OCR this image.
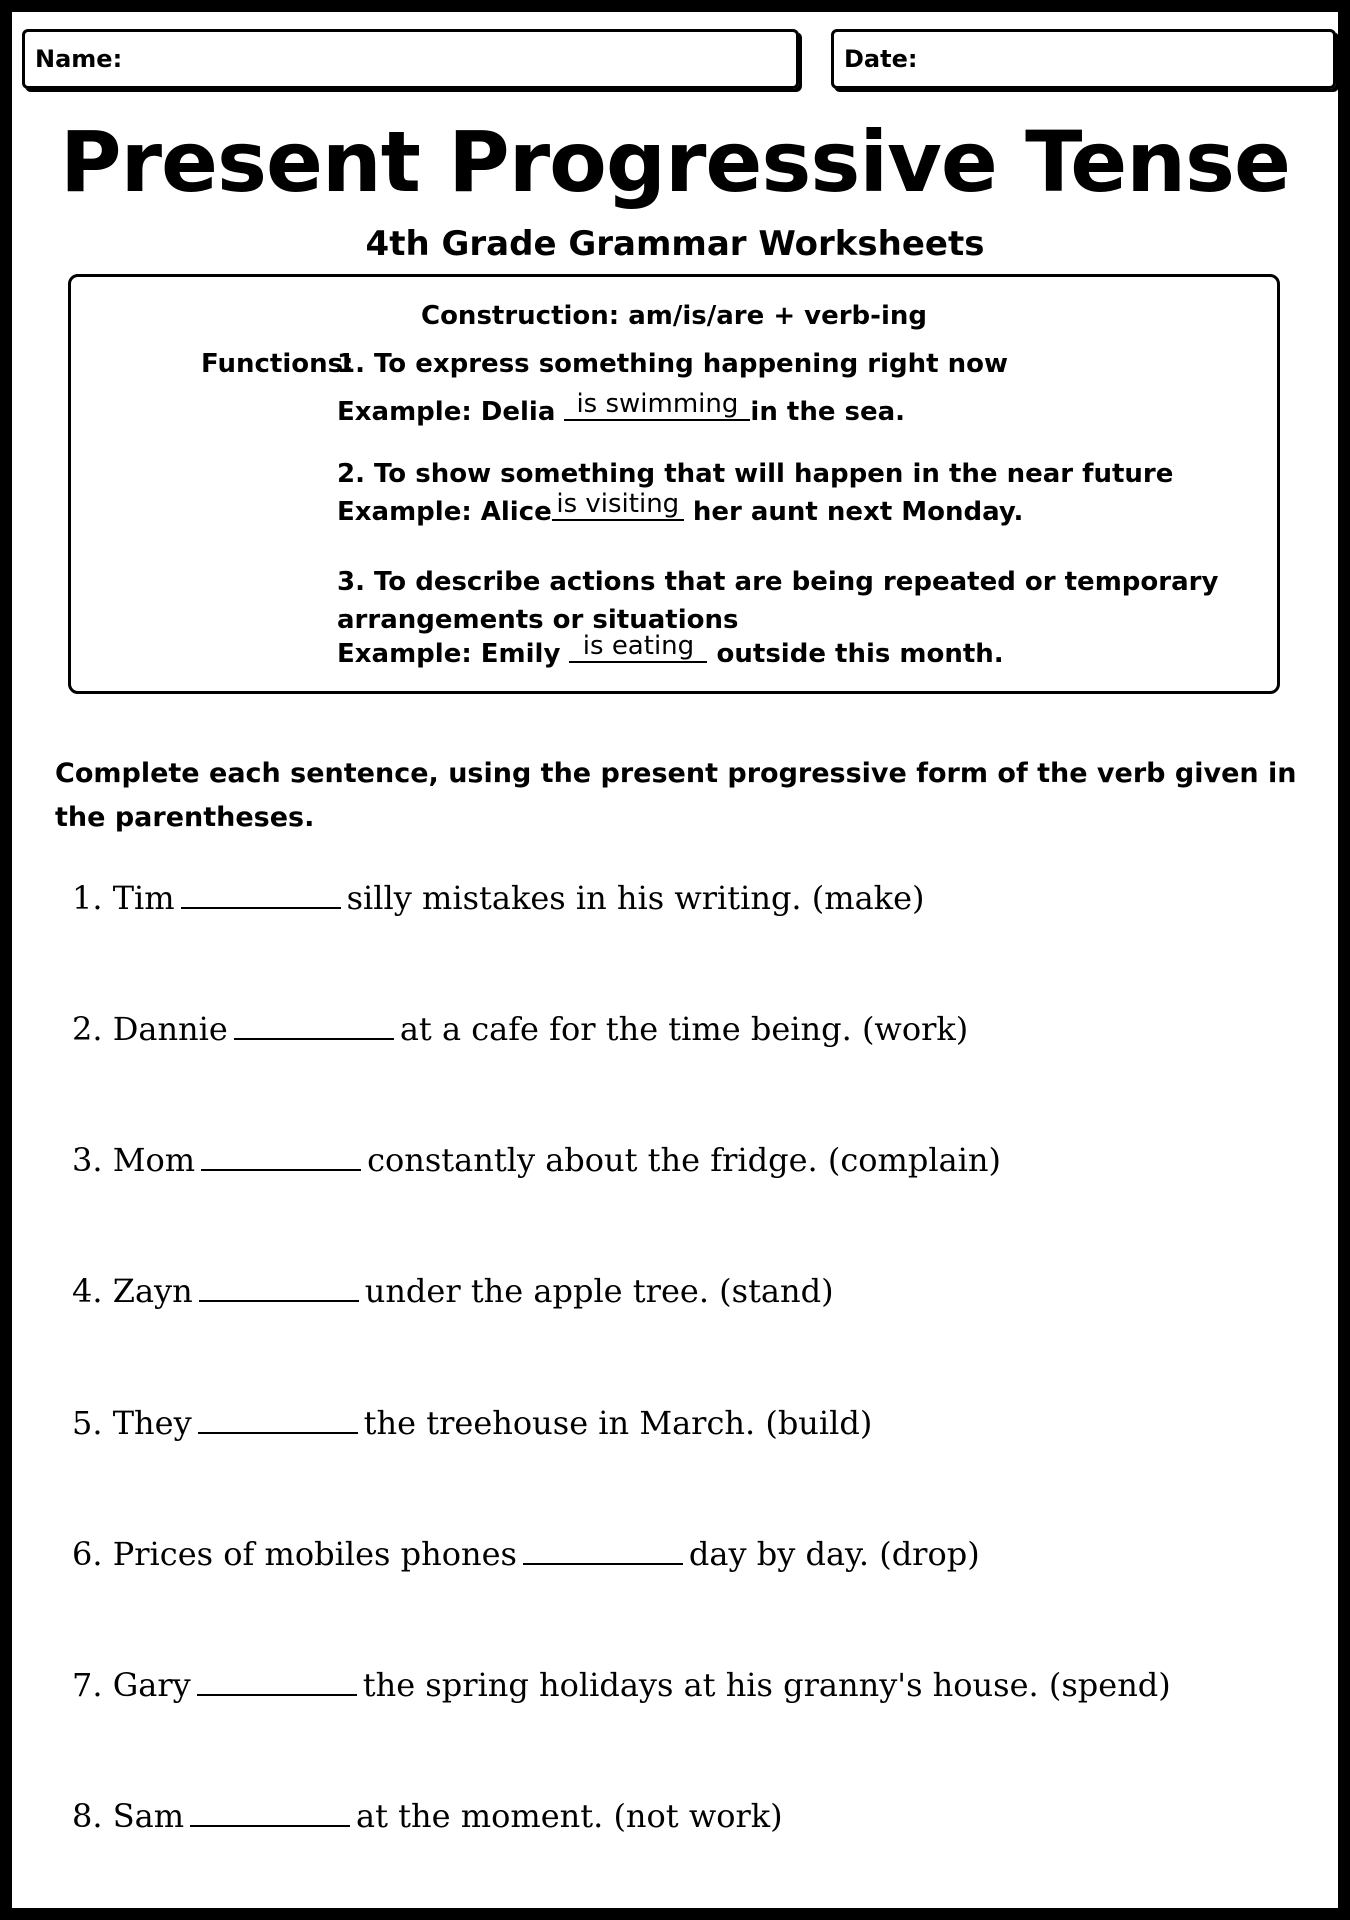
Name:	Date:
Present Progressive Tense
4th Grade Grammar Worksheets
Construction: am/is/are + verb-ing
Functions:
1. To express something happening right now
Example: Delia is swimming in the sea.
2. To show something that will happen in the near future
Example: Alice is visiting her aunt next Monday.
3. To describe actions that are being repeated or temporary
arrangements or situations
Example: Emily is eating outside this month.
Complete each sentence, using the present progressive form of the verb given in the parentheses.
1. Tim	silly mistakes in his writing. (make)
2. Dannie	at a cafe for the time being. (work)
3. Mom	constantly about the fridge. (complain)
4. Zayn	under the apple tree. (stand)
5. They	the treehouse in March. (build)
6. Prices of mobiles phones	day by day. (drop)
7. Gary	the spring holidays at his granny's house. (spend)
8. Sam	at the moment. (not work)
